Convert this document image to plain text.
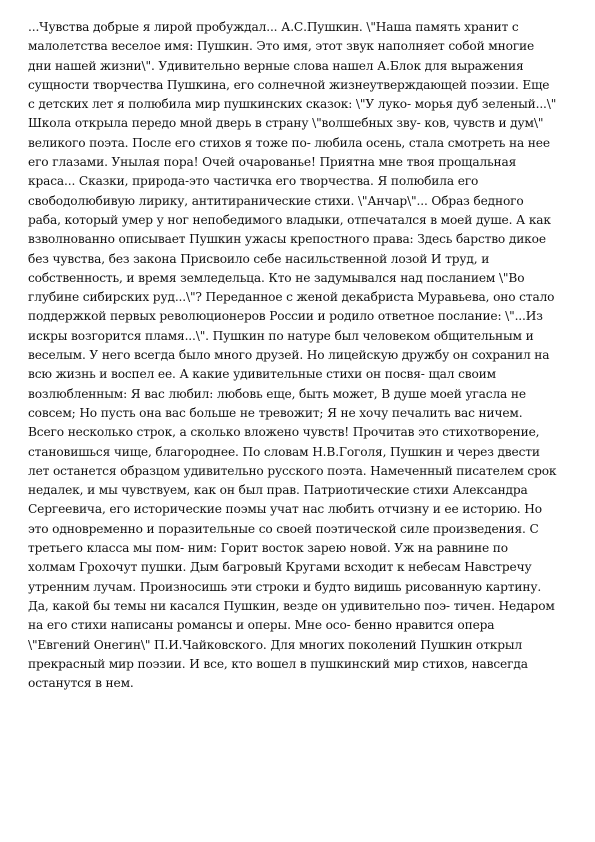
...Чувства добрые я лирой пробуждал... А.С.Пушкин. \"Наша память хранит с
малолетства веселое имя: Пушкин. Это имя, этот звук наполняет собой многие
дни нашей жизни\". Удивительно верные слова нашел А.Блок для выражения
сущности творчества Пушкина, его солнечной жизнеутверждающей поэзии. Еще
с детских лет я полюбила мир пушкинских сказок: \"У луко- морья дуб зеленый...\"
Школа открыла передо мной дверь в страну \"волшебных зву- ков, чувств и дум\"
великого поэта. После его стихов я тоже по- любила осень, стала смотреть на нее
его глазами. Унылая пора! Очей очарованье! Приятна мне твоя прощальная
краса... Сказки, природа-это частичка его творчества. Я полюбила его
свободолюбивую лирику, антитиранические стихи. \"Анчар\"... Образ бедного
раба, который умер у ног непобедимого владыки, отпечатался в моей душе. А как
взволнованно описывает Пушкин ужасы крепостного права: Здесь барство дикое
без чувства, без закона Присвоило себе насильственной лозой И труд, и
собственность, и время земледельца. Кто не задумывался над посланием \"Во
глубине сибирских руд...\"? Переданное с женой декабриста Муравьева, оно стало
поддержкой первых революционеров России и родило ответное послание: \"...Из
искры возгорится пламя...\". Пушкин по натуре был человеком общительным и
веселым. У него всегда было много друзей. Но лицейскую дружбу он сохранил на
всю жизнь и воспел ее. А какие удивительные стихи он посвя- щал своим
возлюбленным: Я вас любил: любовь еще, быть может, В душе моей угасла не
совсем; Но пусть она вас больше не тревожит; Я не хочу печалить вас ничем.
Всего несколько строк, а сколько вложено чувств! Прочитав это стихотворение,
становишься чище, благороднее. По словам Н.В.Гоголя, Пушкин и через двести
лет останется образцом удивительно русского поэта. Намеченный писателем срок
недалек, и мы чувствуем, как он был прав. Патриотические стихи Александра
Сергеевича, его исторические поэмы учат нас любить отчизну и ее историю. Но
это одновременно и поразительные со своей поэтической силе произведения. С
третьего класса мы пом- ним: Горит восток зарею новой. Уж на равнине по
холмам Грохочут пушки. Дым багровый Кругами всходит к небесам Навстречу
утренним лучам. Произносишь эти строки и будто видишь рисованную картину.
Да, какой бы темы ни касался Пушкин, везде он удивительно поэ- тичен. Недаром
на его стихи написаны романсы и оперы. Мне осо- бенно нравится опера
\"Евгений Онегин\" П.И.Чайковского. Для многих поколений Пушкин открыл
прекрасный мир поэзии. И все, кто вошел в пушкинский мир стихов, навсегда
останутся в нем.
